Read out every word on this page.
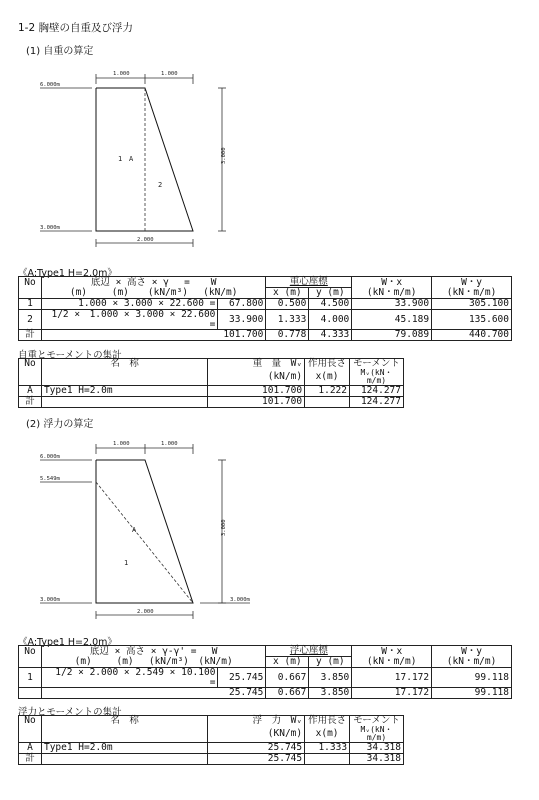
1-2 胸壁の自重及び浮力
(1) 自重の算定
1.000	1.000
2.000
6.000m
3.000m
3.000
1 A
2
《A:Type1 H=2.0m》
No	底辺 × 高さ × γ　 = 　 W		重心座標		W・x	W・y
	(m)　　 (m)　　(kN/m³)　 (kN/m)		x (m)	y (m)	(kN・m/m)	(kN・m/m)
1	1.000 × 3.000 × 22.600 =	67.800	0.500	4.500	33.900	305.100
2	1/2 ×　1.000 × 3.000 × 22.600 =	33.900	1.333	4.000	45.189	135.600
計	101.700		0.778	4.333	79.089	440.700
自重とモーメントの集計
No	名　称	重　量　Wᵥ	作用長さ	モーメント
		(kN/m)	x(m)	Mᵥ(kN・m/m)
A	Type1 H=2.0m	101.700	1.222	124.277
計		101.700		124.277
(2) 浮力の算定
1.000	1.000
2.000
6.000m
5.549m
3.000m	3.000m
3.000
A
1
《A:Type1 H=2.0m》
No	底辺 × 高さ × γ-γ' = 　W		浮心座標		W・x	W・y
	(m)　　 (m)　 (kN/m³)　(kN/m)		x (m)	y (m)	(kN・m/m)	(kN・m/m)
1	1/2 × 2.000 × 2.549 × 10.100 =	25.745	0.667	3.850	17.172	99.118
	25.745		0.667	3.850	17.172	99.118
浮力とモーメントの集計
No	名　称	浮　力　Wᵥ	作用長さ	モーメント
		(KN/m)	x(m)	Mᵥ(kN・m/m)
A	Type1 H=2.0m	25.745	1.333	34.318
計		25.745		34.318
